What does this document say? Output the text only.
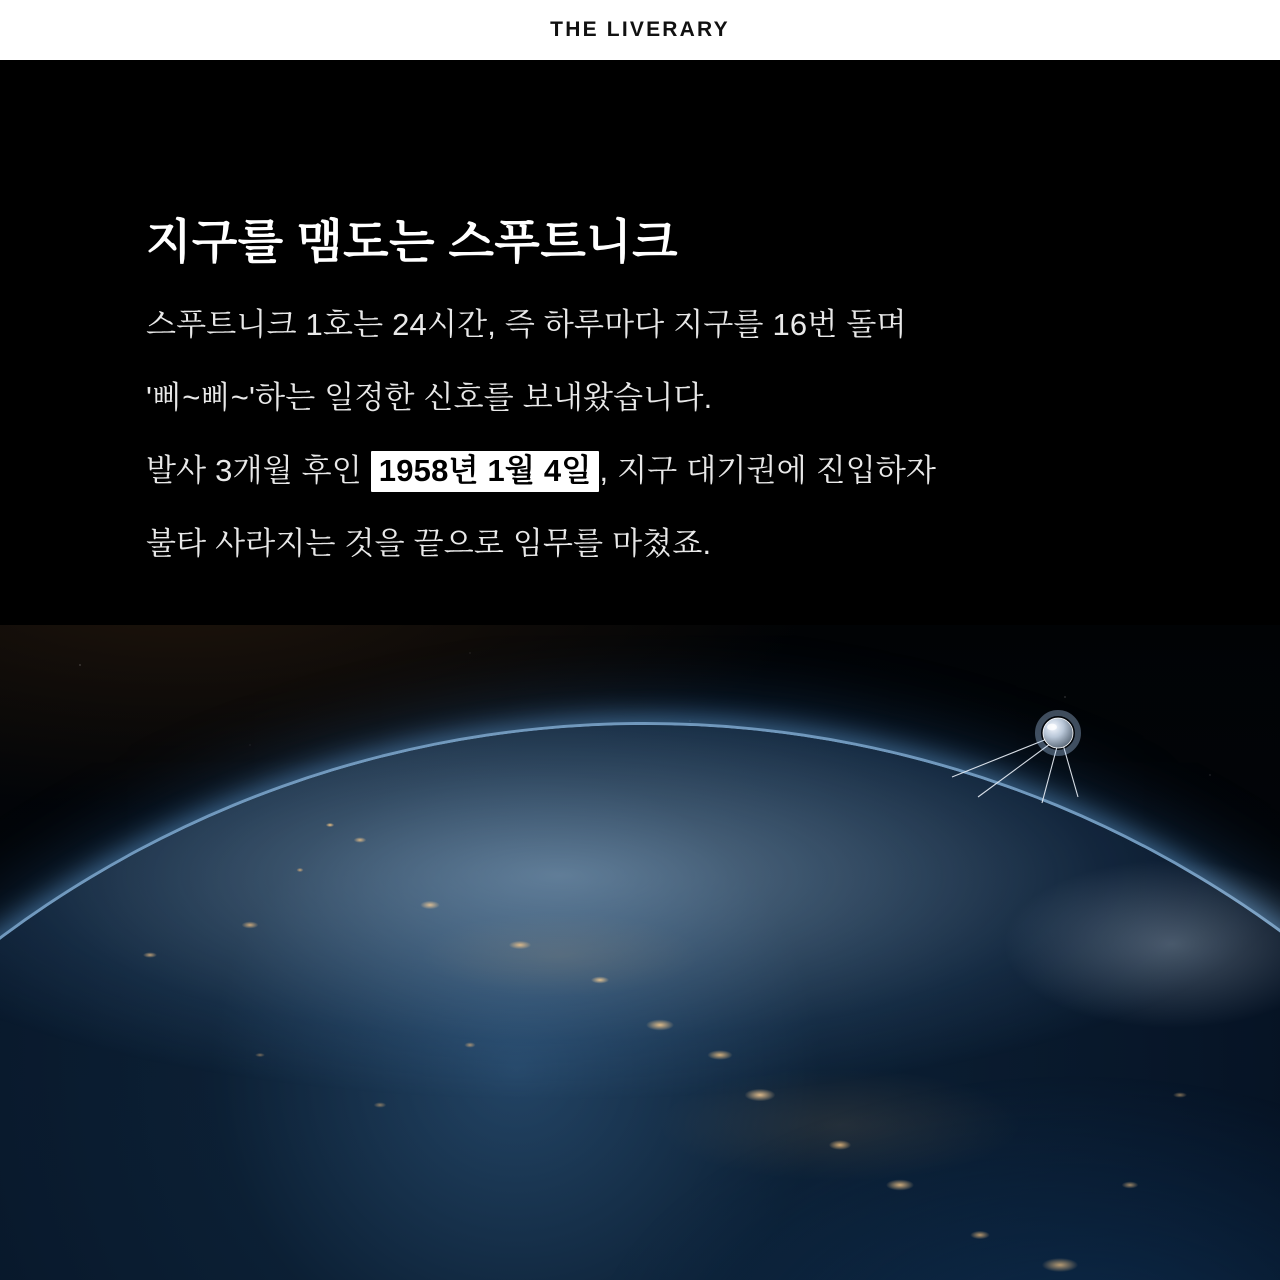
THE LIVERARY
지구를 맴도는 스푸트니크

스푸트니크 1호는 24시간, 즉 하루마다 지구를 16번 돌며

'삐~삐~'하는 일정한 신호를 보내왔습니다.

발사 3개월 후인 1958년 1월 4일 , 지구 대기권에 진입하자

불타 사라지는 것을 끝으로 임무를 마쳤죠.
